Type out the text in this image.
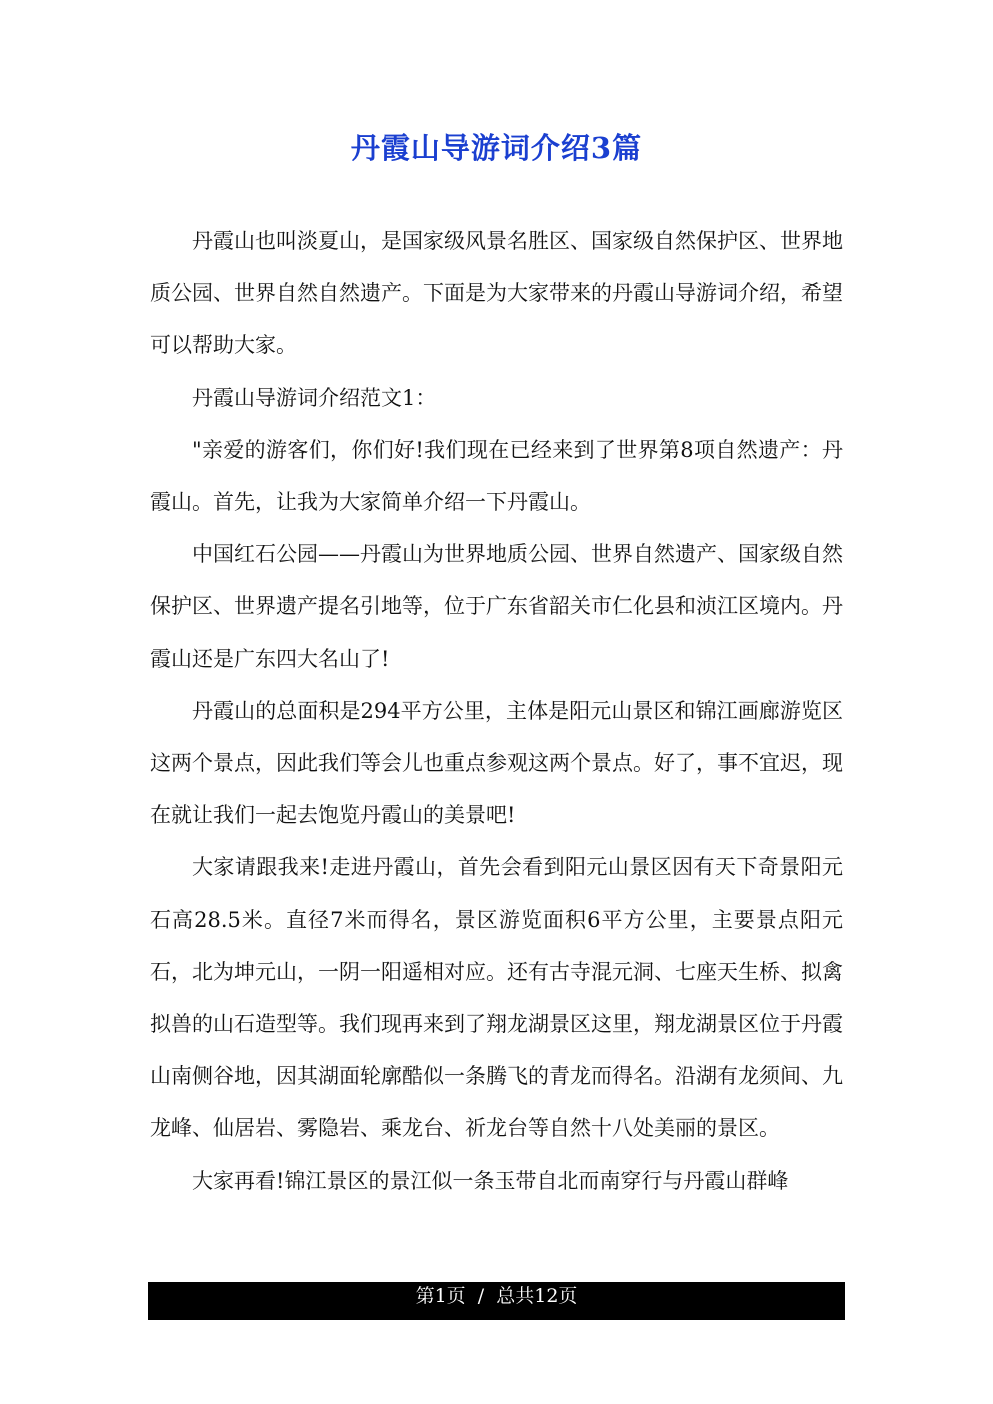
丹霞山导游词介绍3篇

丹霞山也叫淡夏山，是国家级风景名胜区、国家级自然保护区、世界地质公园、世界自然自然遗产。下面是为大家带来的丹霞山导游词介绍，希望可以帮助大家。

丹霞山导游词介绍范文1：

"亲爱的游客们，你们好!我们现在已经来到了世界第8项自然遗产：丹霞山。首先，让我为大家简单介绍一下丹霞山。

中国红石公园——丹霞山为世界地质公园、世界自然遗产、国家级自然保护区、世界遗产提名引地等，位于广东省韶关市仁化县和浈江区境内。丹霞山还是广东四大名山了!

丹霞山的总面积是294平方公里，主体是阳元山景区和锦江画廊游览区这两个景点，因此我们等会儿也重点参观这两个景点。好了，事不宜迟，现在就让我们一起去饱览丹霞山的美景吧!

大家请跟我来!走进丹霞山，首先会看到阳元山景区因有天下奇景阳元石高28.5米。直径7米而得名，景区游览面积6平方公里，主要景点阳元石，北为坤元山，一阴一阳遥相对应。还有古寺混元洞、七座天生桥、拟禽拟兽的山石造型等。我们现再来到了翔龙湖景区这里，翔龙湖景区位于丹霞山南侧谷地，因其湖面轮廓酷似一条腾飞的青龙而得名。沿湖有龙须间、九龙峰、仙居岩、雾隐岩、乘龙台、祈龙台等自然十八处美丽的景区。

大家再看!锦江景区的景江似一条玉带自北而南穿行与丹霞山群峰

第1页  /  总共12页
